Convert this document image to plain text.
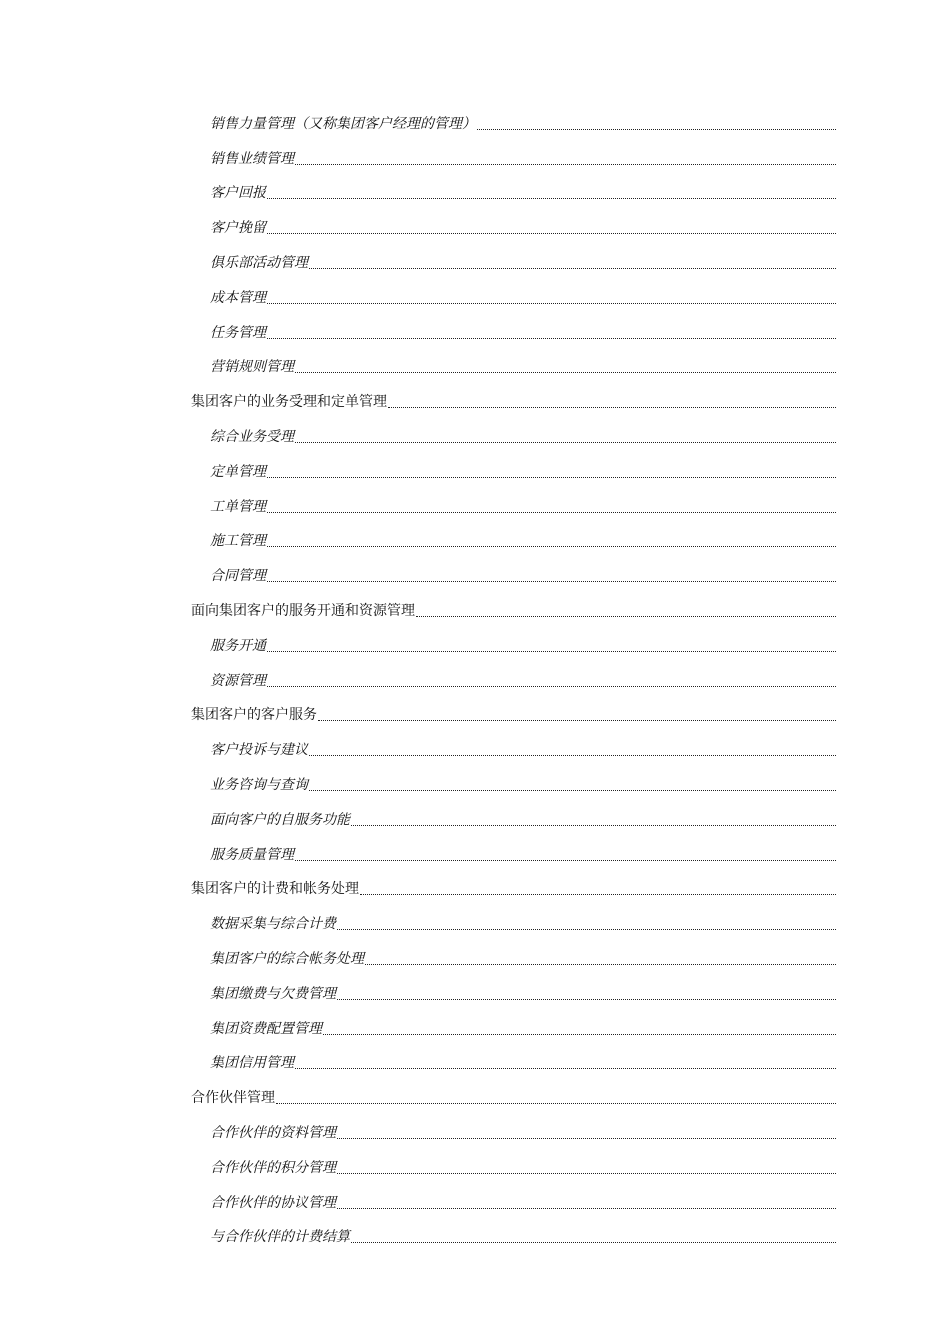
销售力量管理（又称集团客户经理的管理）
销售业绩管理
客户回报
客户挽留
俱乐部活动管理
成本管理
任务管理
营销规则管理
集团客户的业务受理和定单管理
综合业务受理
定单管理
工单管理
施工管理
合同管理
面向集团客户的服务开通和资源管理
服务开通
资源管理
集团客户的客户服务
客户投诉与建议
业务咨询与查询
面向客户的自服务功能
服务质量管理
集团客户的计费和帐务处理
数据采集与综合计费
集团客户的综合帐务处理
集团缴费与欠费管理
集团资费配置管理
集团信用管理
合作伙伴管理
合作伙伴的资料管理
合作伙伴的积分管理
合作伙伴的协议管理
与合作伙伴的计费结算
